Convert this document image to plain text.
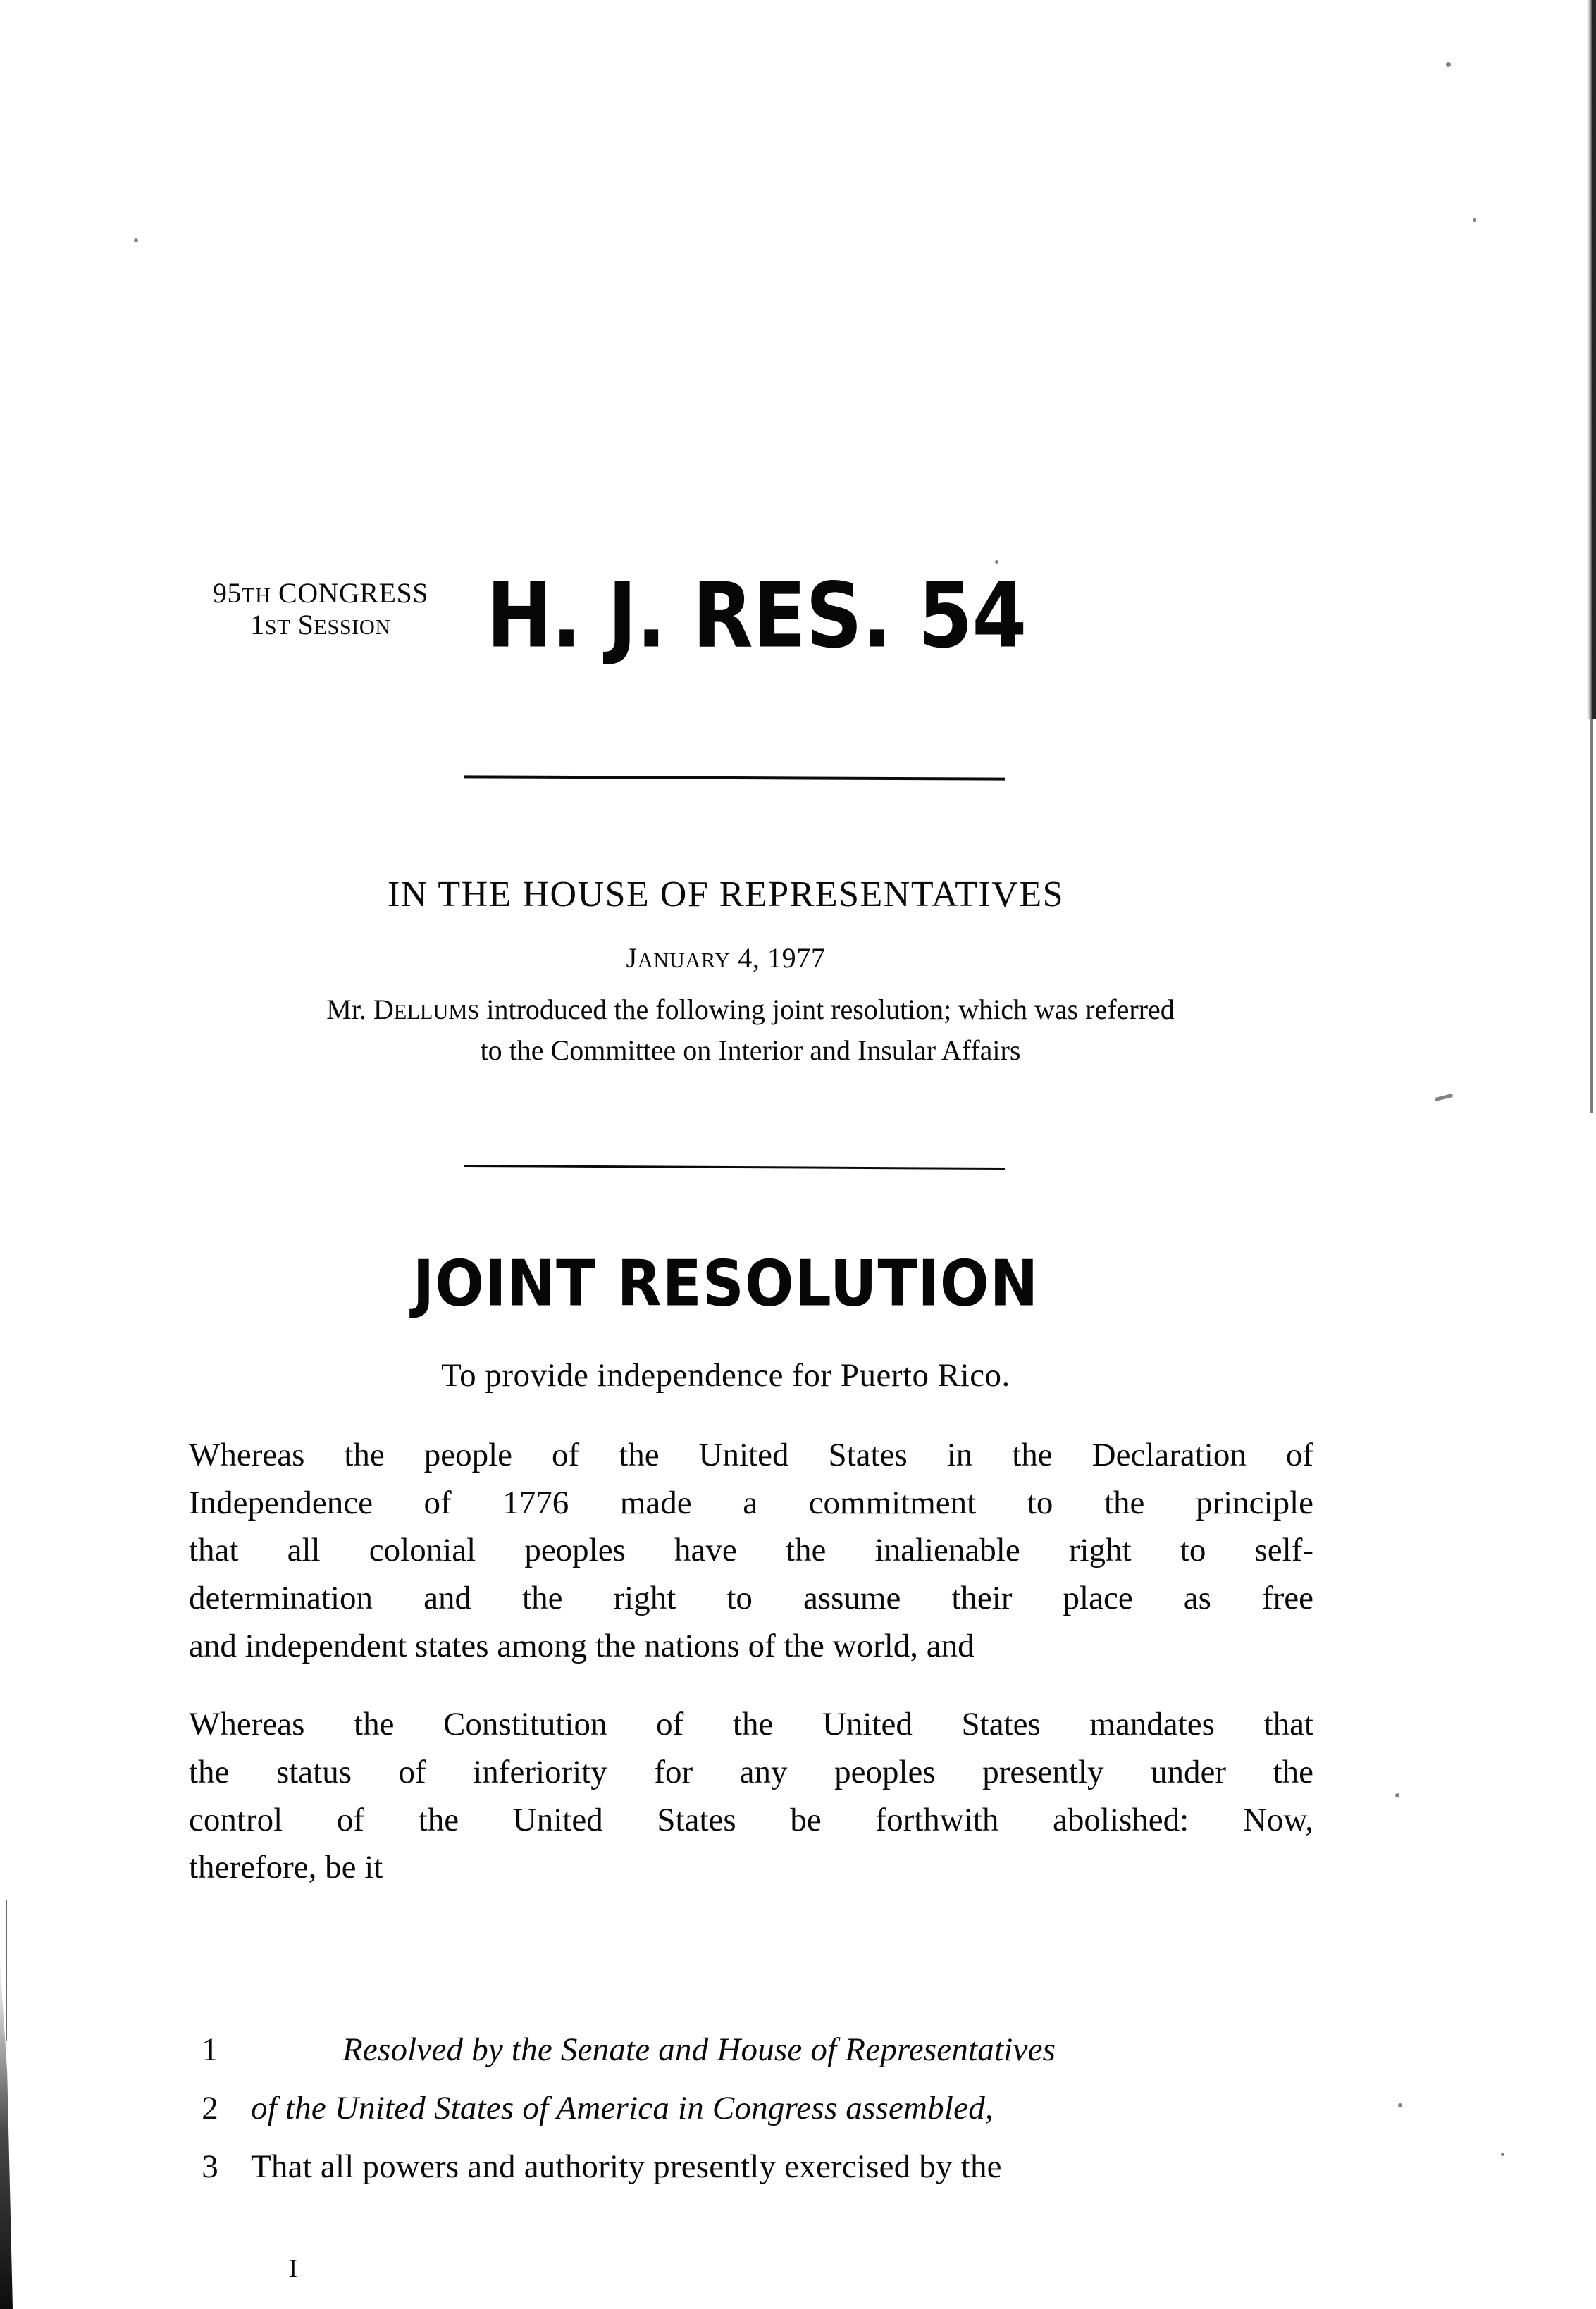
95TH CONGRESS
1ST SESSION	H. J. RES. 54
IN THE HOUSE OF REPRESENTATIVES
JANUARY 4, 1977
Mr. DELLUMS introduced the following joint resolution; which was referred
to the Committee on Interior and Insular Affairs
JOINT RESOLUTION
To provide independence for Puerto Rico.
Whereas the people of the United States in the Declaration of
Independence of 1776 made a commitment to the principle
that all colonial peoples have the inalienable right to self-
determination and the right to assume their place as free
and independent states among the nations of the world, and
Whereas the Constitution of the United States mandates that
the status of inferiority for any peoples presently under the
control of the United States be forthwith abolished: Now,
therefore, be it
1	Resolved by the Senate and House of Representatives
2 of the United States of America in Congress assembled,
3 That all powers and authority presently exercised by the
I
